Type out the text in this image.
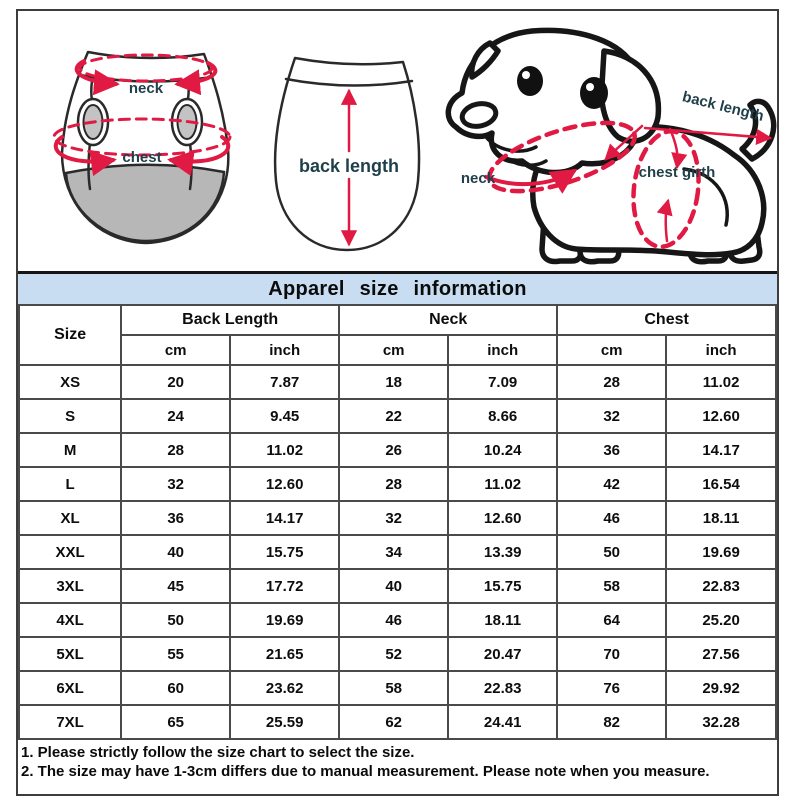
neck
chest	back length
neck	chest girth
back length
Apparel size information
Size	Back Length		Neck		Chest	
	cm	inch	cm	inch	cm	inch
XS	20	7.87	18	7.09	28	11.02
S	24	9.45	22	8.66	32	12.60
M	28	11.02	26	10.24	36	14.17
L	32	12.60	28	11.02	42	16.54
XL	36	14.17	32	12.60	46	18.11
XXL	40	15.75	34	13.39	50	19.69
3XL	45	17.72	40	15.75	58	22.83
4XL	50	19.69	46	18.11	64	25.20
5XL	55	21.65	52	20.47	70	27.56
6XL	60	23.62	58	22.83	76	29.92
7XL	65	25.59	62	24.41	82	32.28
1. Please strictly follow the size chart to select the size.
2. The size may have 1-3cm differs due to manual measurement. Please note when you measure.
